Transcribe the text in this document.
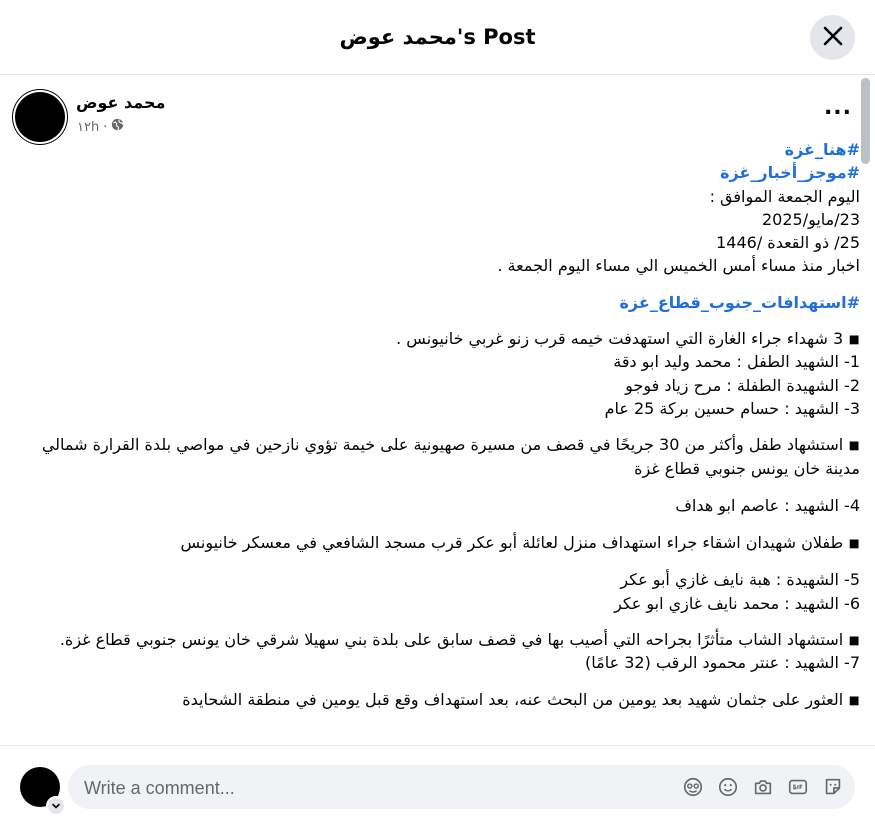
محمد عوض's Post
محمد عوض
١٢h ·
...
#هنا_غزة
#موجز_أخبار_غزة
اليوم الجمعة الموافق :
23/مايو/2025
25/ ذو القعدة /1446
اخبار منذ مساء أمس الخميس الي مساء اليوم الجمعة .
#استهدافات_جنوب_قطاع_غزة
◾ 3 شهداء جراء الغارة التي استهدفت خيمه قرب زنو غربي خانيونس .
1- الشهيد الطفل : محمد وليد ابو دقة
2- الشهيدة الطفلة : مرح زياد فوجو
3- الشهيد : حسام حسين بركة 25 عام
◾ استشهاد طفل وأكثر من 30 جريحًا في قصف من مسيرة صهيونية على خيمة تؤوي نازحين في مواصي بلدة القرارة شمالي مدينة خان يونس جنوبي قطاع غزة
4- الشهيد : عاصم ابو هداف
◾ طفلان شهيدان اشقاء جراء استهداف منزل لعائلة أبو عكر قرب مسجد الشافعي في معسكر خانيونس
5- الشهيدة : هبة نايف غازي أبو عكر
6- الشهيد : محمد نايف غازي ابو عكر
◾ استشهاد الشاب متأثرًا بجراحه التي أصيب بها في قصف سابق على بلدة بني سهيلا شرقي خان يونس جنوبي قطاع غزة.
7- الشهيد : عنتر محمود الرقب (32 عامًا)
◾ العثور على جثمان شهيد بعد يومين من البحث عنه، بعد استهداف وقع قبل يومين في منطقة الشحايدة
Write a comment...
